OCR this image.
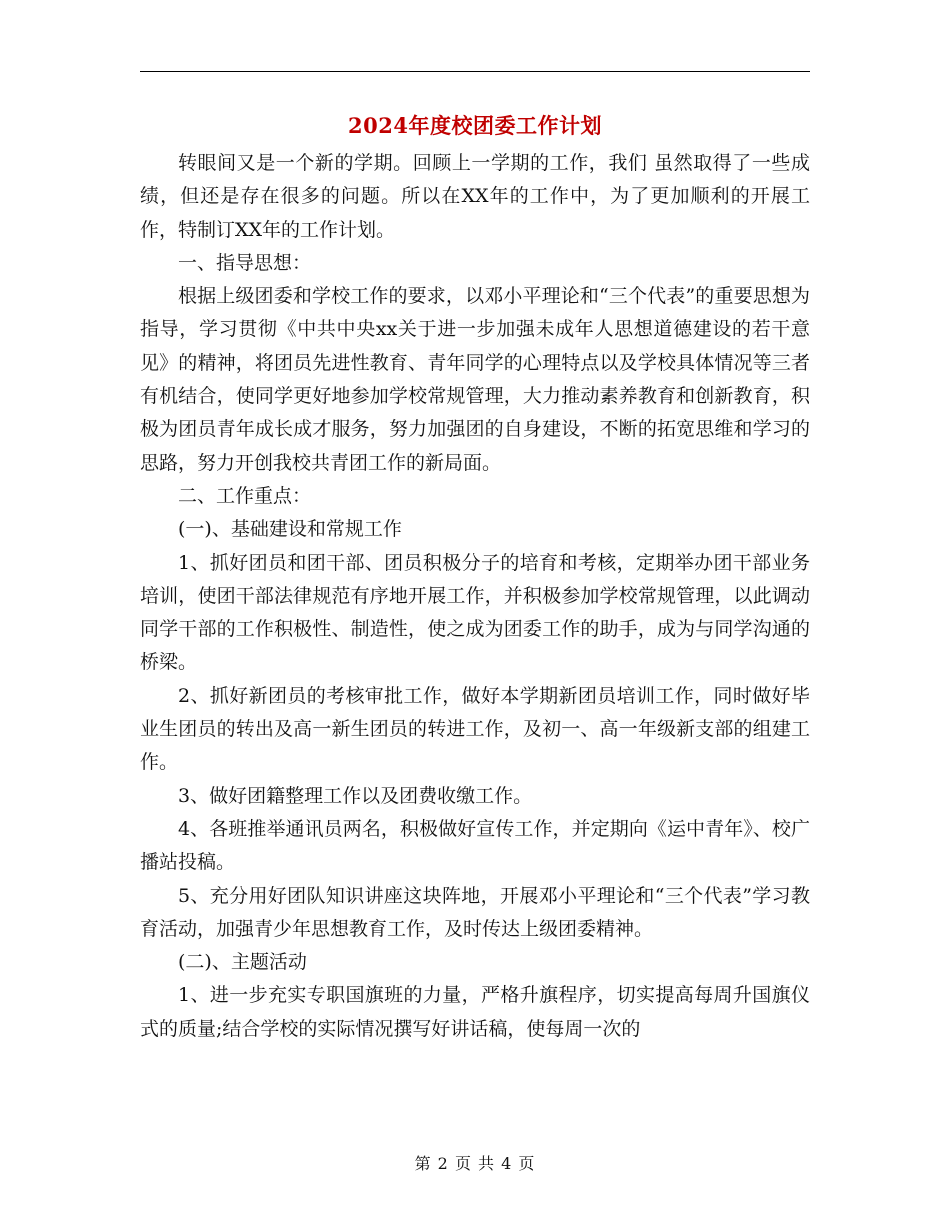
2024年度校团委工作计划

转眼间又是一个新的学期。回顾上一学期的工作，我们 虽然取得了一些成绩，但还是存在很多的问题。所以在XX年的工作中，为了更加顺利的开展工作，特制订XX年的工作计划。

一、指导思想：

根据上级团委和学校工作的要求，以邓小平理论和“三个代表”的重要思想为指导，学习贯彻《中共中央xx关于进一步加强未成年人思想道德建设的若干意见》的精神，将团员先进性教育、青年同学的心理特点以及学校具体情况等三者有机结合，使同学更好地参加学校常规管理，大力推动素养教育和创新教育，积极为团员青年成长成才服务，努力加强团的自身建设，不断的拓宽思维和学习的思路，努力开创我校共青团工作的新局面。

二、工作重点：

(一)、基础建设和常规工作

1、抓好团员和团干部、团员积极分子的培育和考核，定期举办团干部业务培训，使团干部法律规范有序地开展工作，并积极参加学校常规管理，以此调动同学干部的工作积极性、制造性，使之成为团委工作的助手，成为与同学沟通的桥梁。

2、抓好新团员的考核审批工作，做好本学期新团员培训工作，同时做好毕业生团员的转出及高一新生团员的转进工作，及初一、高一年级新支部的组建工作。

3、做好团籍整理工作以及团费收缴工作。

4、各班推举通讯员两名，积极做好宣传工作，并定期向《运中青年》、校广播站投稿。

5、充分用好团队知识讲座这块阵地，开展邓小平理论和“三个代表”学习教育活动，加强青少年思想教育工作，及时传达上级团委精神。

(二)、主题活动

1、进一步充实专职国旗班的力量，严格升旗程序，切实提高每周升国旗仪式的质量;结合学校的实际情况撰写好讲话稿，使每周一次的

第 2 页 共 4 页
